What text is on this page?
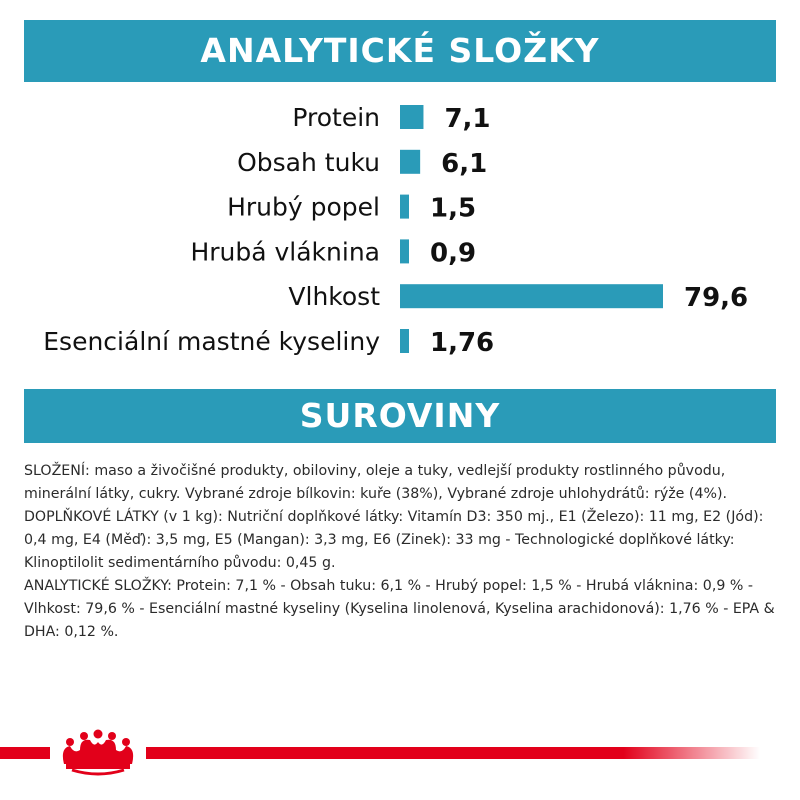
ANALYTICKÉ SLOŽKY
Protein 7,1
Obsah tuku 6,1
Hrubý popel 1,5
Hrubá vláknina 0,9
Vlhkost	79,6
Esenciální mastné kyseliny 1,76
SUROVINY

SLOŽENÍ: maso a živočišné produkty, obiloviny, oleje a tuky, vedlejší produkty rostlinného původu, minerální látky, cukry. Vybrané zdroje bílkovin: kuře (38%), Vybrané zdroje uhlohydrátů: rýže (4%).

DOPLŇKOVÉ LÁTKY (v 1 kg): Nutriční doplňkové látky: Vitamín D3: 350 mj., E1 (Železo): 11 mg, E2 (Jód): 0,4 mg, E4 (Měď): 3,5 mg, E5 (Mangan): 3,3 mg, E6 (Zinek): 33 mg - Technologické doplňkové látky: Klinoptilolit sedimentárního původu: 0,45 g.

ANALYTICKÉ SLOŽKY: Protein: 7,1 % - Obsah tuku: 6,1 % - Hrubý popel: 1,5 % - Hrubá vláknina: 0,9 % - Vlhkost: 79,6 % - Esenciální mastné kyseliny (Kyselina linolenová, Kyselina arachidonová): 1,76 % - EPA & DHA: 0,12 %.
